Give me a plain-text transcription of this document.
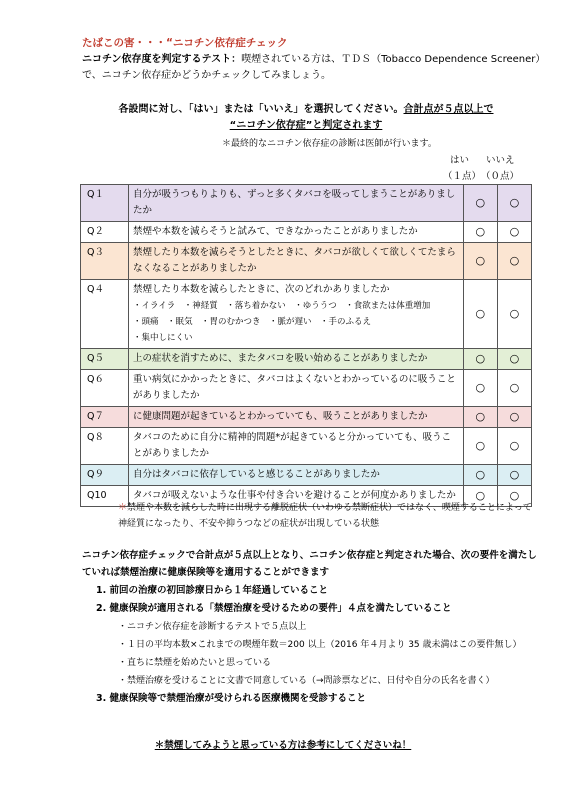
たばこの害・・・“ニコチン依存症チェック
ニコチン依存度を判定するテスト：喫煙されている方は、ＴＤＳ（Tobacco Dependence Screener）で、ニコチン依存症かどうかチェックしてみましょう。
各設問に対し、「はい」または「いいえ」を選択してください。合計点が５点以上で
“ニコチン依存症”と判定されます
＊最終的なニコチン依存症の診断は医師が行います。
はい いいえ
（１点） （０点）
Q１	自分が吸うつもりよりも、ずっと多くタバコを吸ってしまうことがありましたか	○	○
Q２	禁煙や本数を減らそうと試みて、できなかったことがありましたか	○	○
Q３	禁煙したり本数を減らそうとしたときに、タバコが欲しくて欲しくてたまらなくなることがありましたか	○	○
Q４	禁煙したり本数を減らしたときに、次のどれかありましたか
・イライラ　・神経質　・落ち着かない　・ゆううつ　・食欲または体重増加
・頭痛　・眠気　・胃のむかつき　・脈が遅い　・手のふるえ
・集中しにくい	○	○
Q５	上の症状を消すために、またタバコを吸い始めることがありましたか	○	○
Q６	重い病気にかかったときに、タバコはよくないとわかっているのに吸うことがありましたか	○	○
Q７	に健康問題が起きているとわかっていても、吸うことがありましたか	○	○
Q８	タバコのために自分に精神的問題*が起きていると分かっていても、吸うことがありましたか	○	○
Q９	自分はタバコに依存していると感じることがありましたか	○	○
Q10	タバコが吸えないような仕事や付き合いを避けることが何度かありましたか	○	○
＊禁煙や本数を減らした時に出現する離脱症状（いわゆる禁断症状）ではなく、喫煙することによって神経質になったり、不安や抑うつなどの症状が出現している状態
ニコチン依存症チェックで合計点が５点以上となり、ニコチン依存症と判定された場合、次の要件を満たしていれば禁煙治療に健康保険等を適用することができます
1. 前回の治療の初回診療日から１年経過していること
2. 健康保険が適用される「禁煙治療を受けるための要件」４点を満たしていること
・ニコチン依存症を診断するテストで５点以上
・１日の平均本数×これまでの喫煙年数＝200 以上（2016 年４月より 35 歳未満はこの要件無し）
・直ちに禁煙を始めたいと思っている
・禁煙治療を受けることに文書で同意している（→問診票などに、日付や自分の氏名を書く）
3. 健康保険等で禁煙治療が受けられる医療機関を受診すること
＊禁煙してみようと思っている方は参考にしてくださいね！
